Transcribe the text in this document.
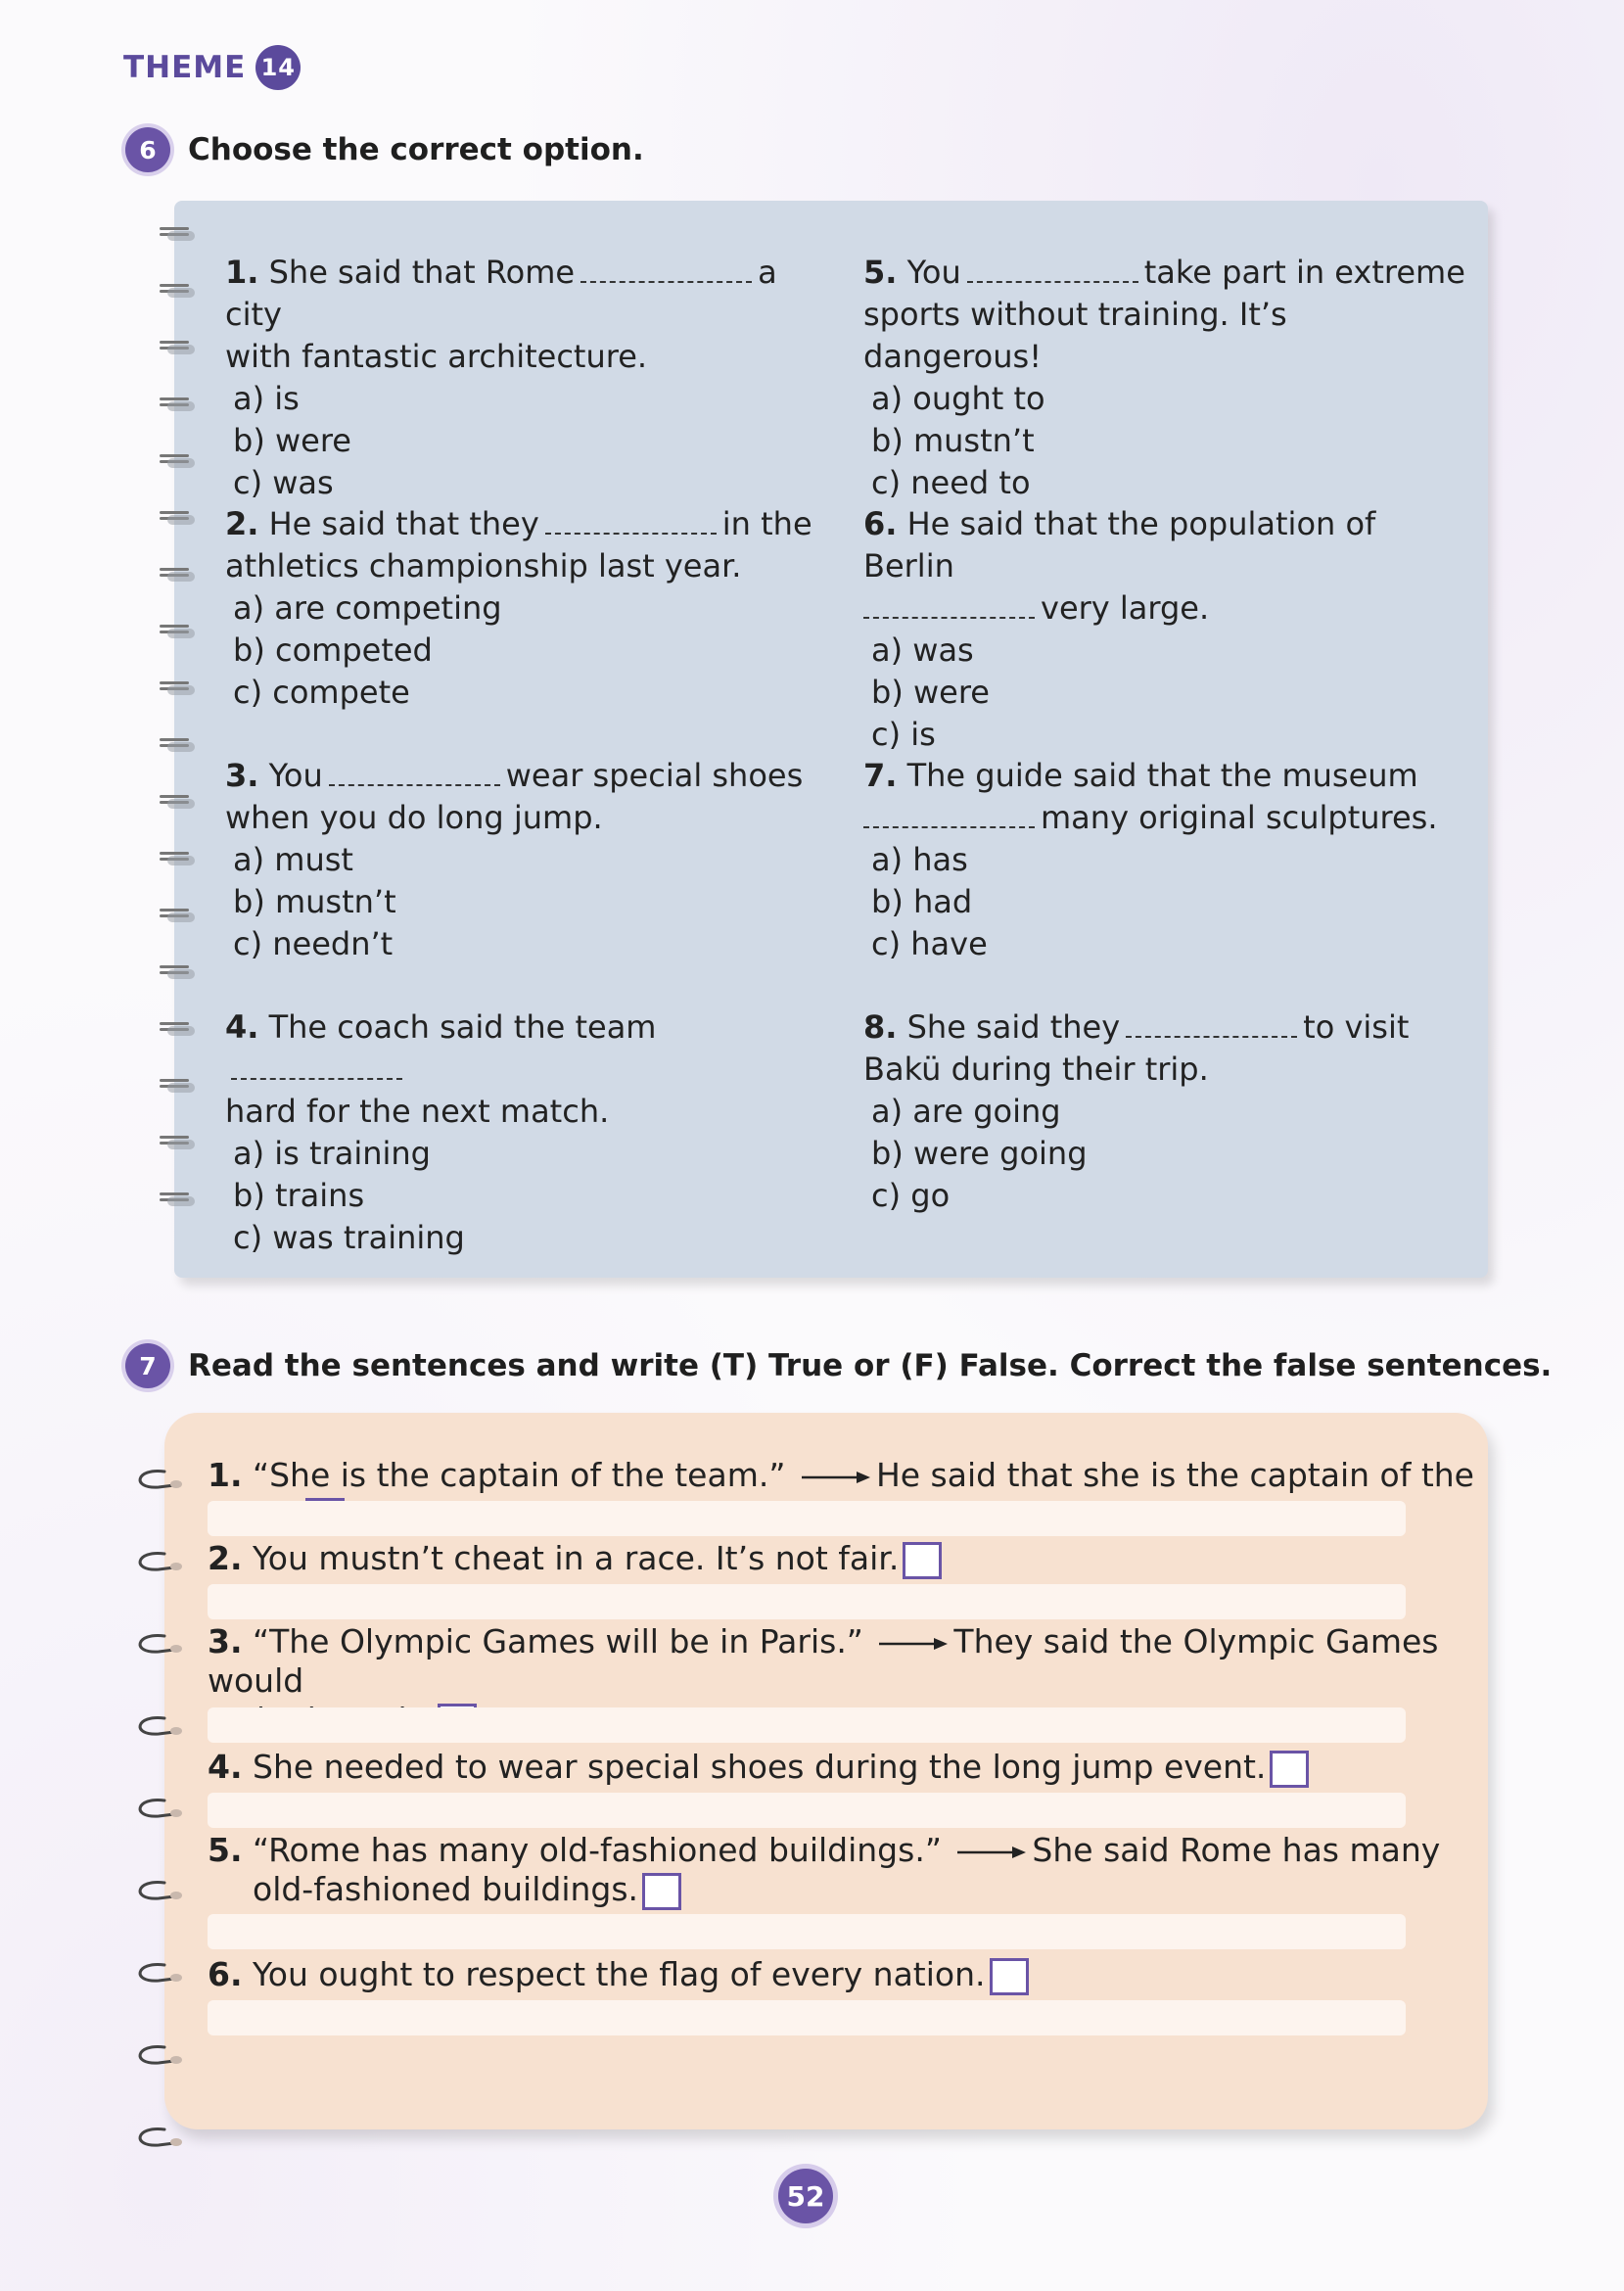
THEME 14
6	Choose the correct option.
1. She said that Rome	a city
with fantastic architecture.
a) is
b) were
c) was
2. He said that they	in the
athletics championship last year.
a) are competing
b) competed
c) compete
3. You	wear special shoes
when you do long jump.
a) must
b) mustn’t
c) needn’t
4. The coach said the team
hard for the next match.
a) is training
b) trains
c) was training
5. You	take part in extreme
sports without training. It’s dangerous!
a) ought to
b) mustn’t
c) need to
6. He said that the population of Berlin
very large.
a) was
b) were
c) is
7. The guide said that the museum
many original sculptures.
a) has
b) had
c) have
8. She said they	to visit
Bakü during their trip.
a) are going
b) were going
c) go
7	Read the sentences and write (T) True or (F) False. Correct the false sentences.
1. “She is the captain of the team.”	He said that she is the captain of the
2. You mustn’t cheat in a race. It’s not fair.
3. “The Olympic Games will be in Paris.”	They said the Olympic Games would

4. She needed to wear special shoes during the long jump event.
5. “Rome has many old-fashioned buildings.”	She said Rome has many
old-fashioned buildings.
6. You ought to respect the flag of every nation.
52
